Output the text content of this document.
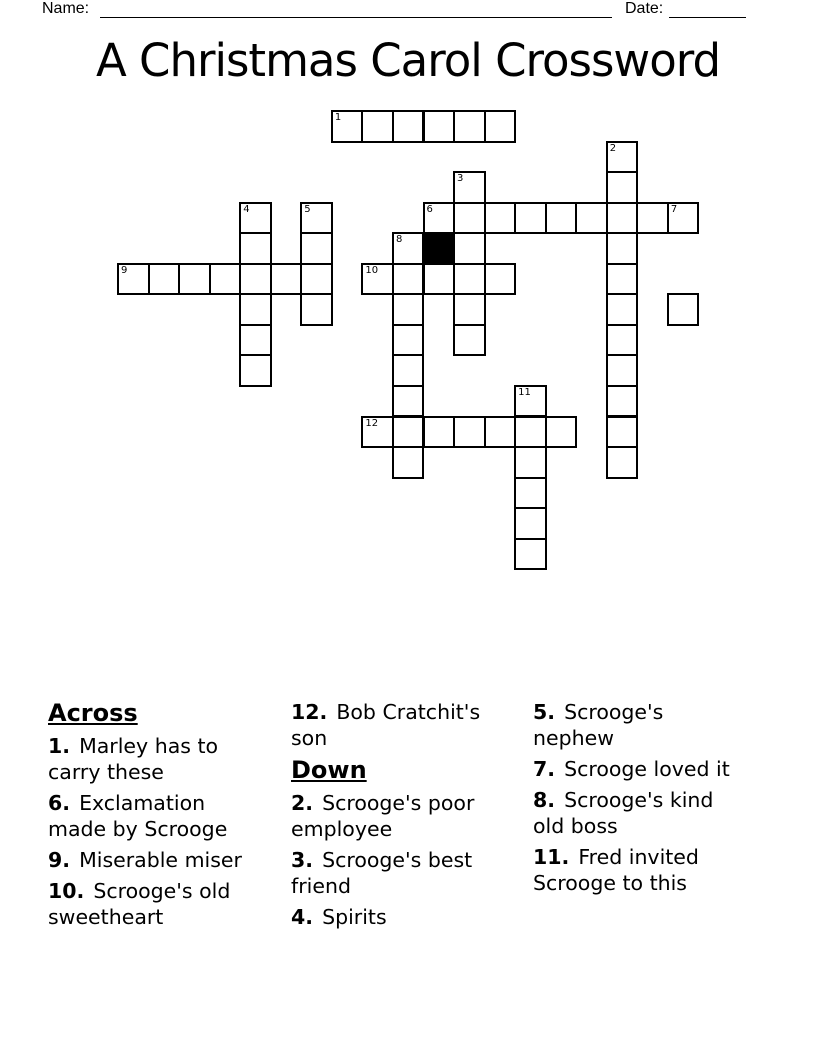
Name:	Date:
A Christmas Carol Crossword
1
2
3
4	5	6	7
8
9	10
11
12
Across
1. Marley has to carry these
6. Exclamation made by Scrooge
9. Miserable miser
10. Scrooge's old sweetheart
12. Bob Cratchit's son
Down
2. Scrooge's poor employee
3. Scrooge's best friend
4. Spirits
5. Scrooge's nephew
7. Scrooge loved it
8. Scrooge's kind old boss
11. Fred invited Scrooge to this
